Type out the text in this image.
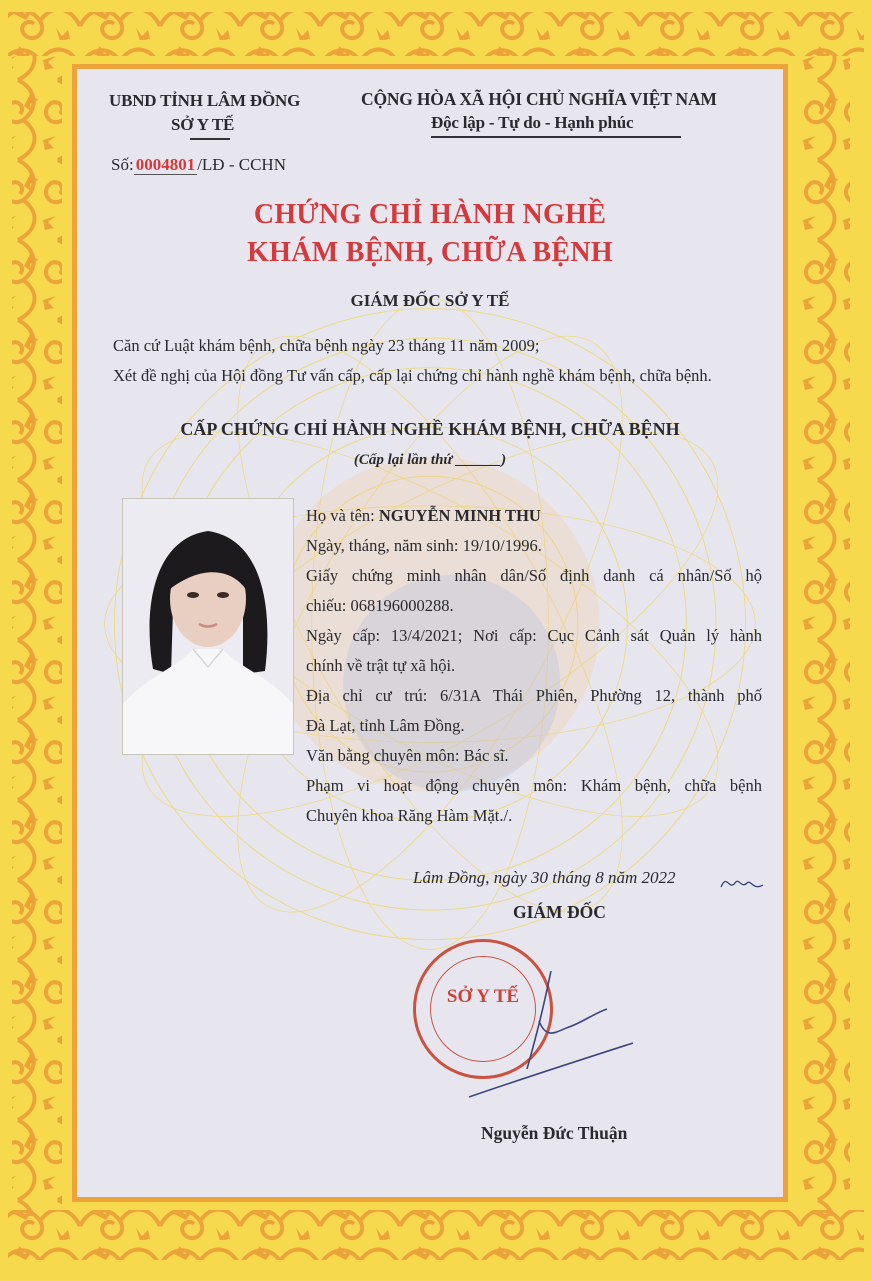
UBND TỈNH LÂM ĐỒNG
SỞ Y TẾ
CỘNG HÒA XÃ HỘI CHỦ NGHĨA VIỆT NAM
Độc lập - Tự do - Hạnh phúc
Số: 0004801 /LĐ - CCHN
CHỨNG CHỈ HÀNH NGHỀ
KHÁM BỆNH, CHỮA BỆNH
GIÁM ĐỐC SỞ Y TẾ
Căn cứ Luật khám bệnh, chữa bệnh ngày 23 tháng 11 năm 2009;
Xét đề nghị của Hội đồng Tư vấn cấp, cấp lại chứng chỉ hành nghề khám bệnh, chữa bệnh.
CẤP CHỨNG CHỈ HÀNH NGHỀ KHÁM BỆNH, CHỮA BỆNH
(Cấp lại lần thứ ______)
Họ và tên: NGUYỄN MINH THU
Ngày, tháng, năm sinh: 19/10/1996.
Giấy chứng minh nhân dân/Số định danh cá nhân/Số hộ
chiếu: 068196000288.
Ngày cấp: 13/4/2021; Nơi cấp: Cục Cảnh sát Quản lý hành
chính về trật tự xã hội.
Địa chỉ cư trú: 6/31A Thái Phiên, Phường 12, thành phố
Đà Lạt, tỉnh Lâm Đồng.
Văn bằng chuyên môn: Bác sĩ.
Phạm vi hoạt động chuyên môn: Khám bệnh, chữa bệnh
Chuyên khoa Răng Hàm Mặt./.
Lâm Đồng, ngày 30 tháng 8 năm 2022
GIÁM ĐỐC
SỞ Y TẾ
Nguyễn Đức Thuận
